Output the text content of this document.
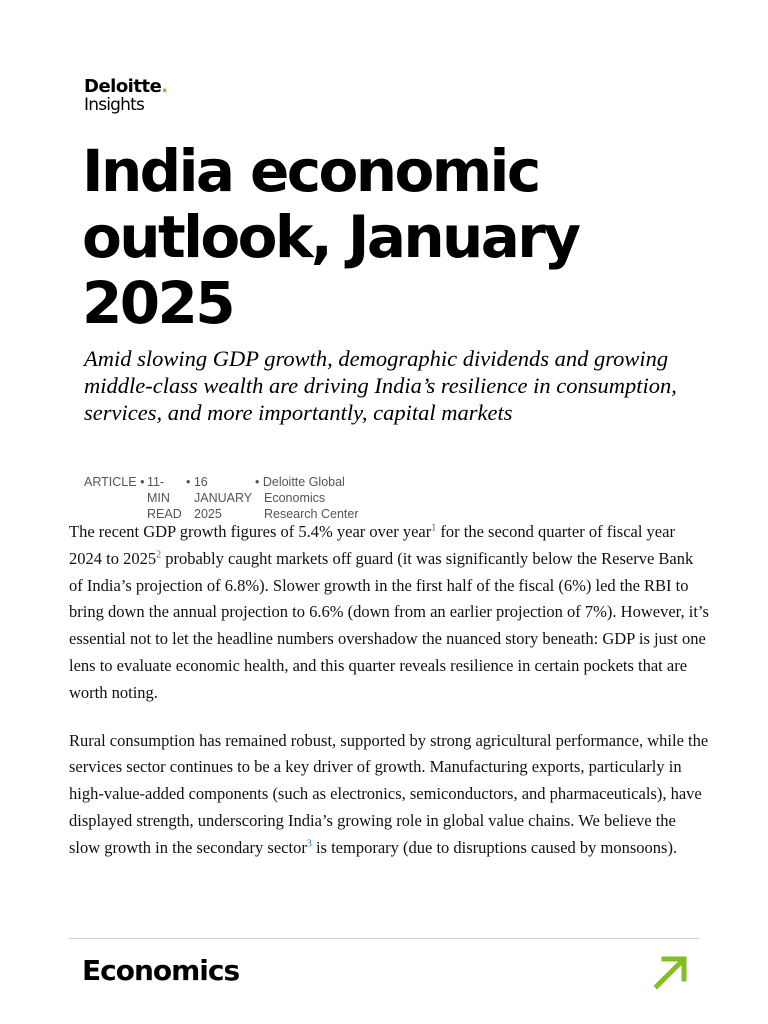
Deloitte.
Insights
India economic outlook, January 2025

Amid slowing GDP growth, demographic dividends and growing middle-class wealth are driving India’s resilience in consumption, services, and more importantly, capital markets

ARTICLE • 11-
MIN
READ
• 16
JANUARY
2025
• Deloitte Global
Economics
Research Center

The recent GDP growth figures of 5.4% year over year$^1$ for the second quarter of fiscal year 2024 to 2025$^2$ probably caught markets off guard (it was significantly below the Reserve Bank of India’s projection of 6.8%). Slower growth in the first half of the fiscal (6%) led the RBI to bring down the annual projection to 6.6% (down from an earlier projection of 7%). However, it’s essential not to let the headline numbers overshadow the nuanced story beneath: GDP is just one lens to evaluate economic health, and this quarter reveals resilience in certain pockets that are worth noting.

Rural consumption has remained robust, supported by strong agricultural performance, while the services sector continues to be a key driver of growth. Manufacturing exports, particularly in high-value-added components (such as electronics, semiconductors, and pharmaceuticals), have displayed strength, underscoring India’s growing role in global value chains. We believe the slow growth in the secondary sector$^3$ is temporary (due to disruptions caused by monsoons).

Economics
